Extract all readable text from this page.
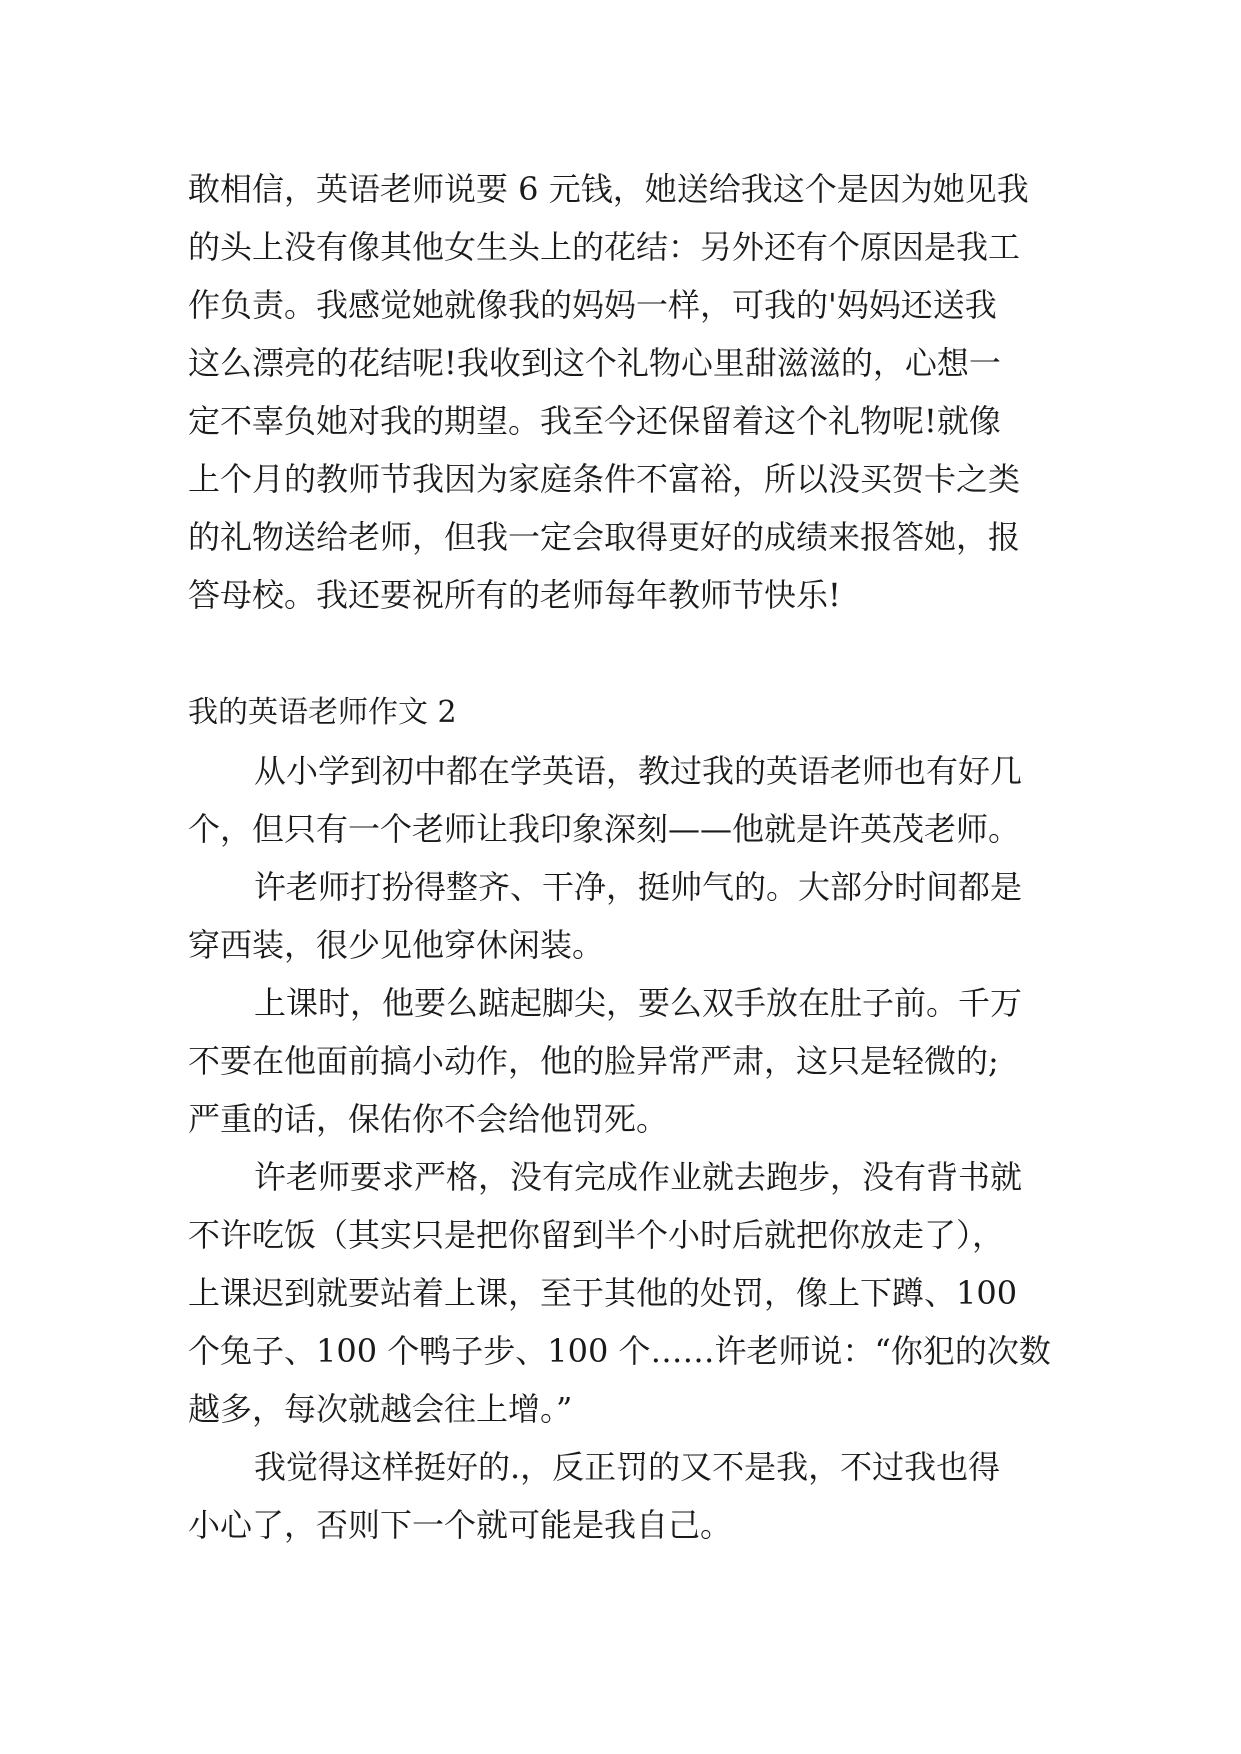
敢相信，英语老师说要 6 元钱，她送给我这个是因为她见我
的头上没有像其他女生头上的花结：另外还有个原因是我工
作负责。我感觉她就像我的妈妈一样，可我的'妈妈还送我
这么漂亮的花结呢!我收到这个礼物心里甜滋滋的，心想一
定不辜负她对我的期望。我至今还保留着这个礼物呢!就像
上个月的教师节我因为家庭条件不富裕，所以没买贺卡之类
的礼物送给老师，但我一定会取得更好的成绩来报答她，报
答母校。我还要祝所有的老师每年教师节快乐!
我的英语老师作文 2
从小学到初中都在学英语，教过我的英语老师也有好几
个，但只有一个老师让我印象深刻——他就是许英茂老师。
许老师打扮得整齐、干净，挺帅气的。大部分时间都是
穿西装，很少见他穿休闲装。
上课时，他要么踮起脚尖，要么双手放在肚子前。千万
不要在他面前搞小动作，他的脸异常严肃，这只是轻微的;
严重的话，保佑你不会给他罚死。
许老师要求严格，没有完成作业就去跑步，没有背书就
不许吃饭（其实只是把你留到半个小时后就把你放走了），
上课迟到就要站着上课，至于其他的处罚，像上下蹲、100
个兔子、100 个鸭子步、100 个……许老师说：“你犯的次数
越多，每次就越会往上增。”
我觉得这样挺好的.，反正罚的又不是我，不过我也得
小心了，否则下一个就可能是我自己。
